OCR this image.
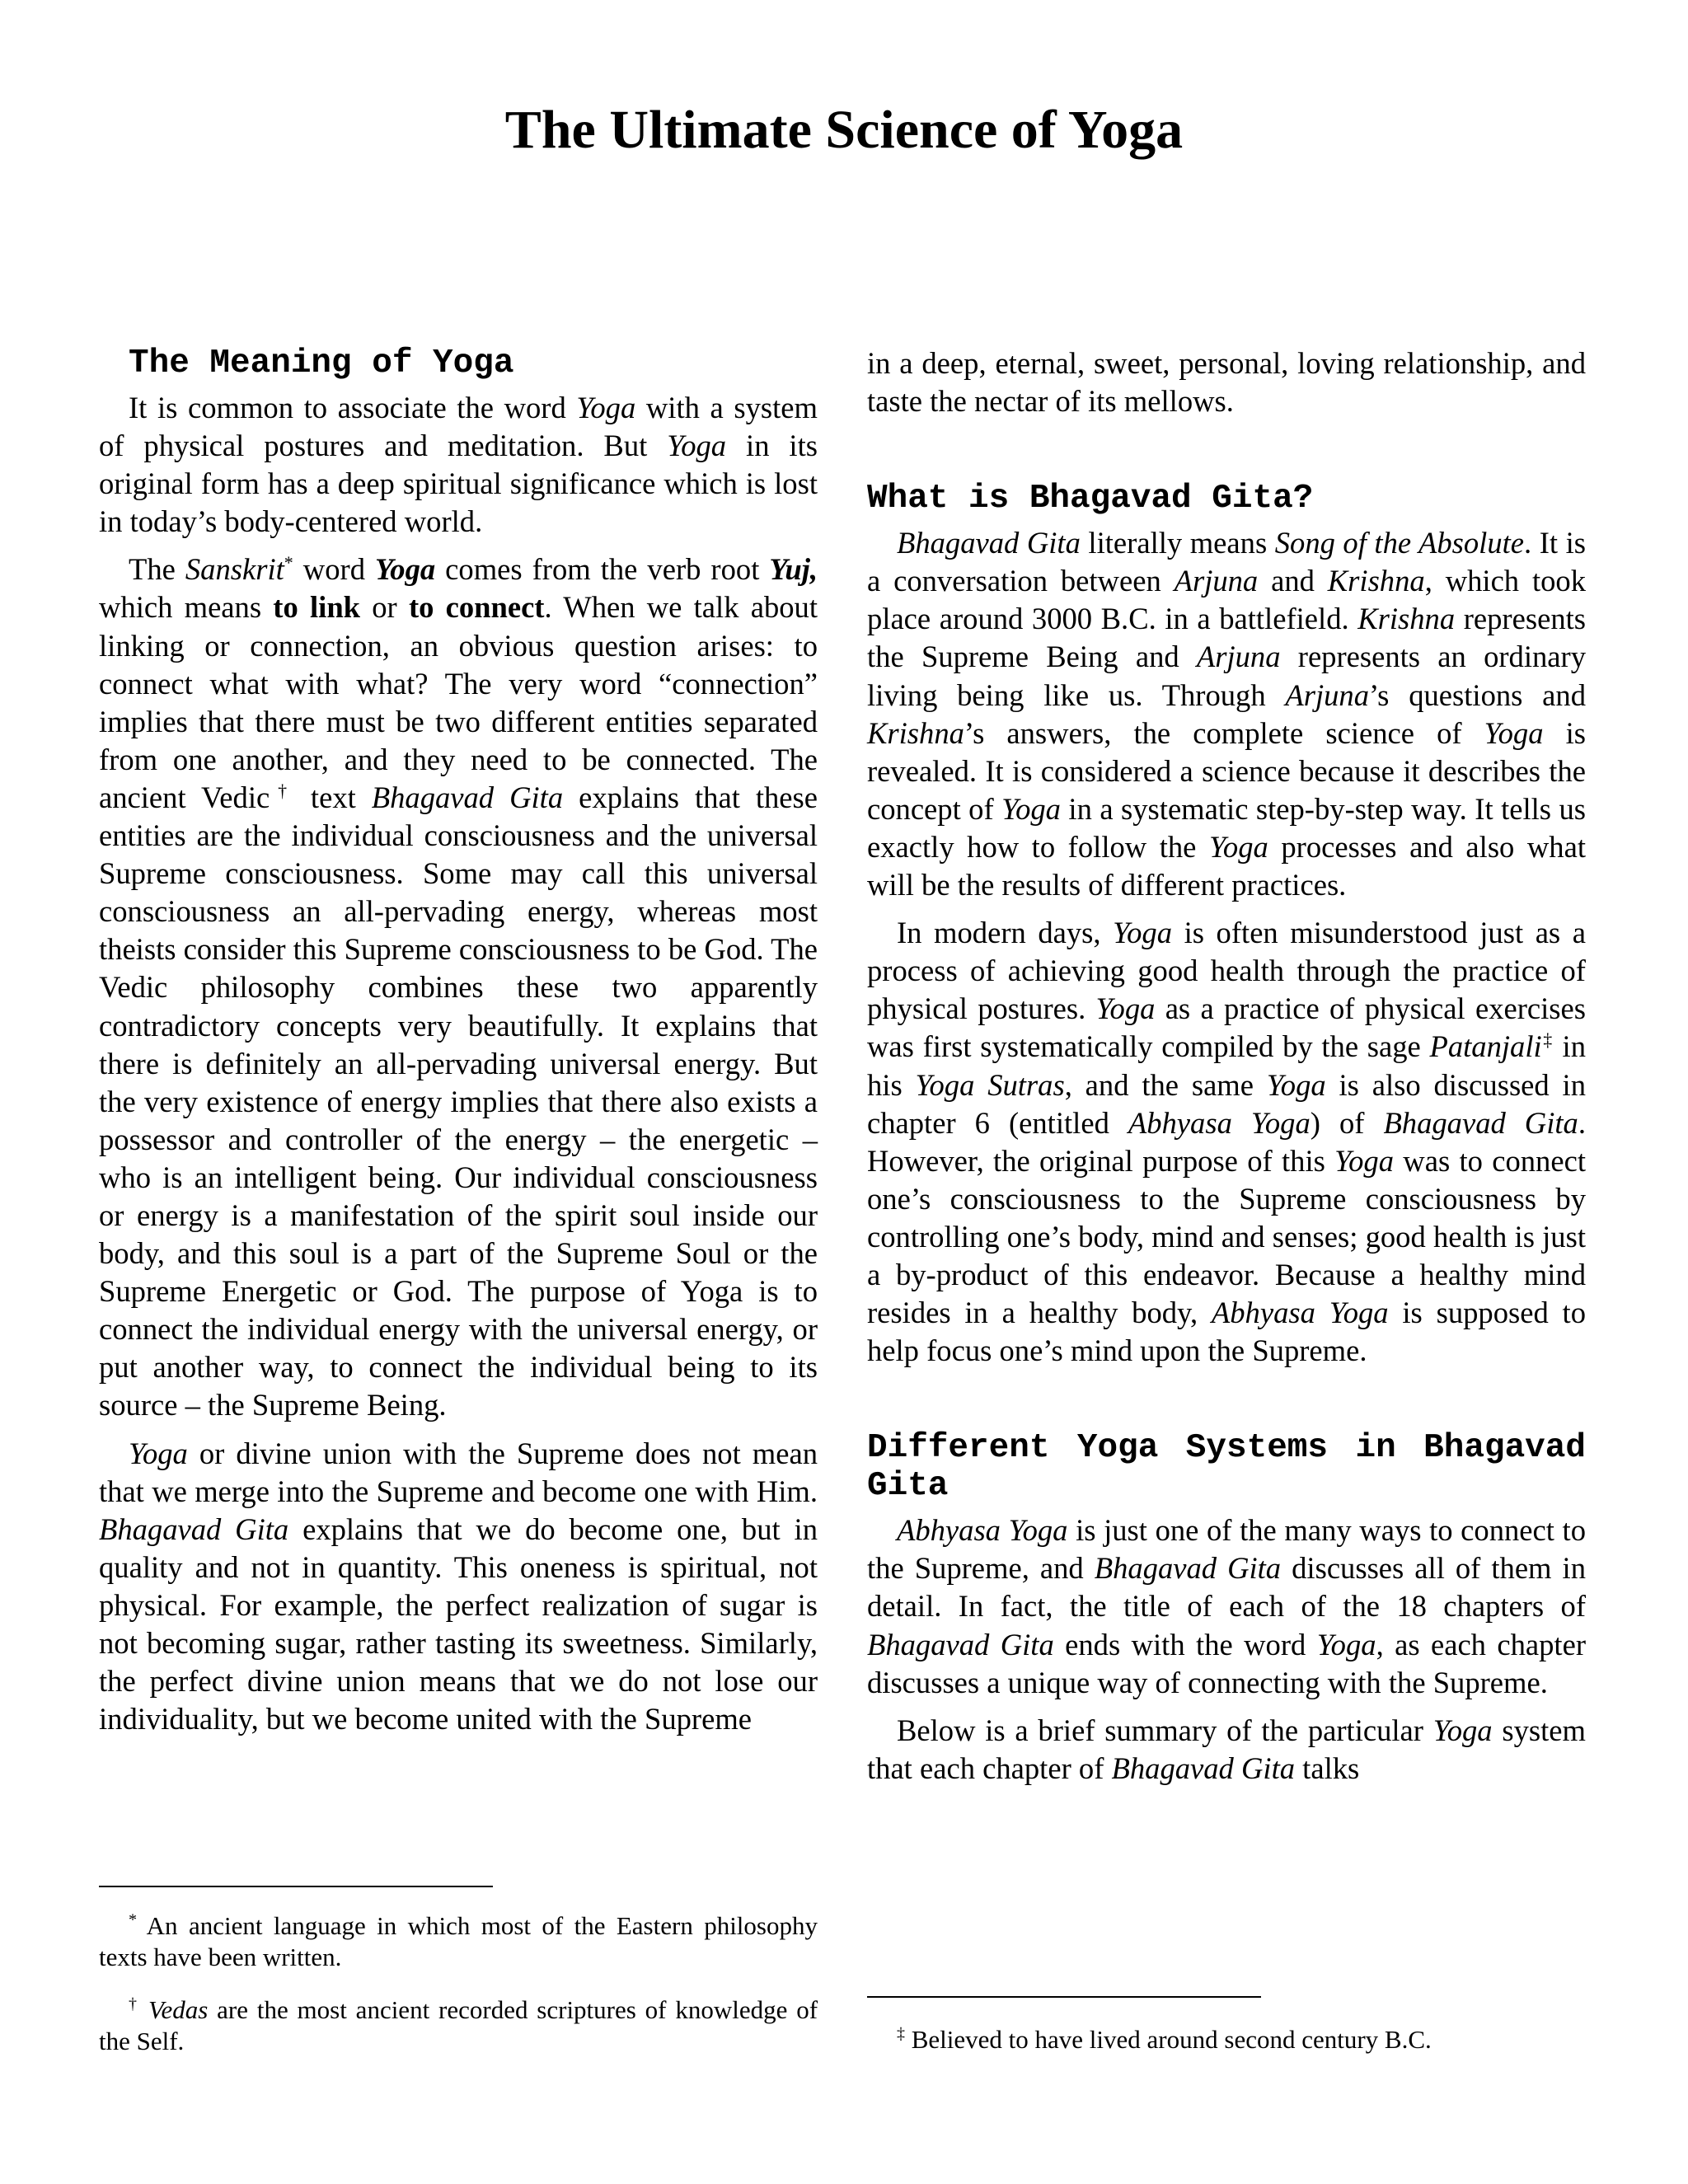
The Ultimate Science of Yoga
The Meaning of Yoga

It is common to associate the word Yoga with a system of physical postures and meditation. But Yoga in its original form has a deep spiritual significance which is lost in today’s body-centered world.

The Sanskrit* word Yoga comes from the verb root Yuj, which means to link or to connect. When we talk about linking or connection, an obvious question arises: to connect what with what? The very word “connection” implies that there must be two different entities separated from one another, and they need to be connected. The ancient Vedic† text Bhagavad Gita explains that these entities are the individual consciousness and the universal Supreme consciousness. Some may call this universal consciousness an all-pervading energy, whereas most theists consider this Supreme consciousness to be God. The Vedic philosophy combines these two apparently contradictory concepts very beautifully. It explains that there is definitely an all-pervading universal energy. But the very existence of energy implies that there also exists a possessor and controller of the energy – the energetic – who is an intelligent being. Our individual consciousness or energy is a manifestation of the spirit soul inside our body, and this soul is a part of the Supreme Soul or the Supreme Energetic or God. The purpose of Yoga is to connect the individual energy with the universal energy, or put another way, to connect the individual being to its source – the Supreme Being.

Yoga or divine union with the Supreme does not mean that we merge into the Supreme and become one with Him. Bhagavad Gita explains that we do become one, but in quality and not in quantity. This oneness is spiritual, not physical. For example, the perfect realization of sugar is not becoming sugar, rather tasting its sweetness. Similarly, the perfect divine union means that we do not lose our individuality, but we become united with the Supreme

* An ancient language in which most of the Eastern philosophy texts have been written.

† Vedas are the most ancient recorded scriptures of knowledge of the Self.

in a deep, eternal, sweet, personal, loving relationship, and taste the nectar of its mellows.

What is Bhagavad Gita?

Bhagavad Gita literally means Song of the Absolute. It is a conversation between Arjuna and Krishna, which took place around 3000 B.C. in a battlefield. Krishna represents the Supreme Being and Arjuna represents an ordinary living being like us. Through Arjuna’s questions and Krishna’s answers, the complete science of Yoga is revealed. It is considered a science because it describes the concept of Yoga in a systematic step-by-step way. It tells us exactly how to follow the Yoga processes and also what will be the results of different practices.

In modern days, Yoga is often misunderstood just as a process of achieving good health through the practice of physical postures. Yoga as a practice of physical exercises was first systematically compiled by the sage Patanjali‡ in his Yoga Sutras, and the same Yoga is also discussed in chapter 6 (entitled Abhyasa Yoga) of Bhagavad Gita. However, the original purpose of this Yoga was to connect one’s consciousness to the Supreme consciousness by controlling one’s body, mind and senses; good health is just a by-product of this endeavor. Because a healthy mind resides in a healthy body, Abhyasa Yoga is supposed to help focus one’s mind upon the Supreme.

Different Yoga Systems in Bhagavad Gita

Abhyasa Yoga is just one of the many ways to connect to the Supreme, and Bhagavad Gita discusses all of them in detail. In fact, the title of each of the 18 chapters of Bhagavad Gita ends with the word Yoga, as each chapter discusses a unique way of connecting with the Supreme.

Below is a brief summary of the particular Yoga system that each chapter of Bhagavad Gita talks

‡ Believed to have lived around second century B.C.
